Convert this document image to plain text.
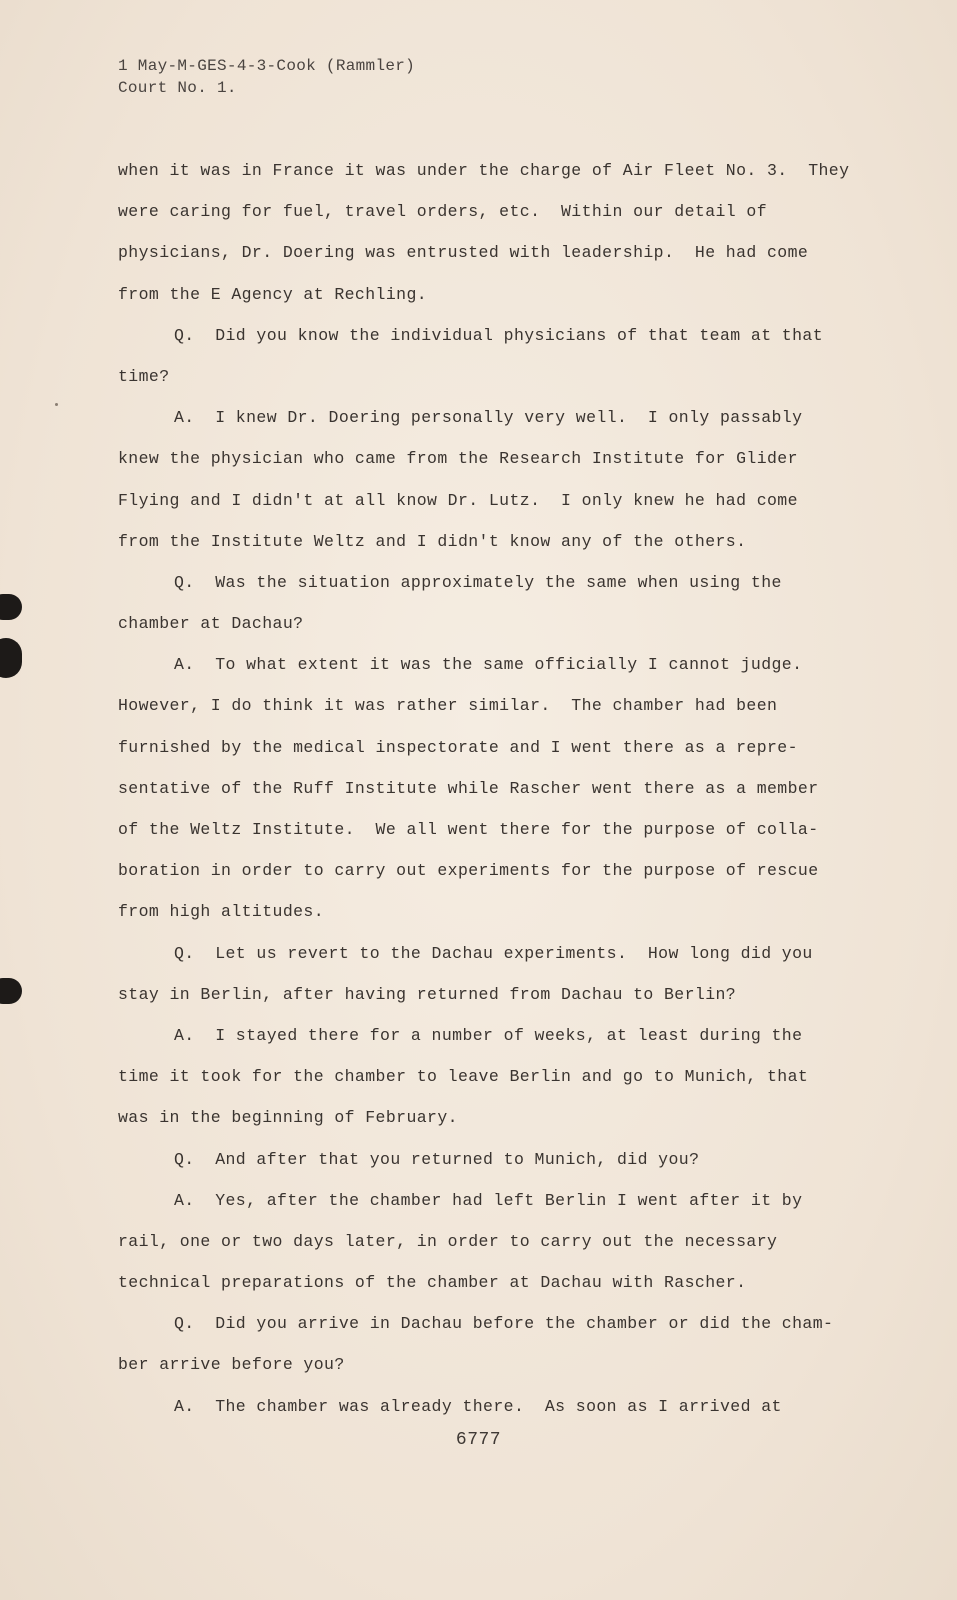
1 May-M-GES-4-3-Cook (Rammler)
Court No. 1.
when it was in France it was under the charge of Air Fleet No. 3.  They
were caring for fuel, travel orders, etc.  Within our detail of
physicians, Dr. Doering was entrusted with leadership.  He had come
from the E Agency at Rechling.
Q.  Did you know the individual physicians of that team at that
time?
A.  I knew Dr. Doering personally very well.  I only passably
knew the physician who came from the Research Institute for Glider
Flying and I didn't at all know Dr. Lutz.  I only knew he had come
from the Institute Weltz and I didn't know any of the others.
Q.  Was the situation approximately the same when using the
chamber at Dachau?
A.  To what extent it was the same officially I cannot judge.
However, I do think it was rather similar.  The chamber had been
furnished by the medical inspectorate and I went there as a repre-
sentative of the Ruff Institute while Rascher went there as a member
of the Weltz Institute.  We all went there for the purpose of colla-
boration in order to carry out experiments for the purpose of rescue
from high altitudes.
Q.  Let us revert to the Dachau experiments.  How long did you
stay in Berlin, after having returned from Dachau to Berlin?
A.  I stayed there for a number of weeks, at least during the
time it took for the chamber to leave Berlin and go to Munich, that
was in the beginning of February.
Q.  And after that you returned to Munich, did you?
A.  Yes, after the chamber had left Berlin I went after it by
rail, one or two days later, in order to carry out the necessary
technical preparations of the chamber at Dachau with Rascher.
Q.  Did you arrive in Dachau before the chamber or did the cham-
ber arrive before you?
A.  The chamber was already there.  As soon as I arrived at
6777
